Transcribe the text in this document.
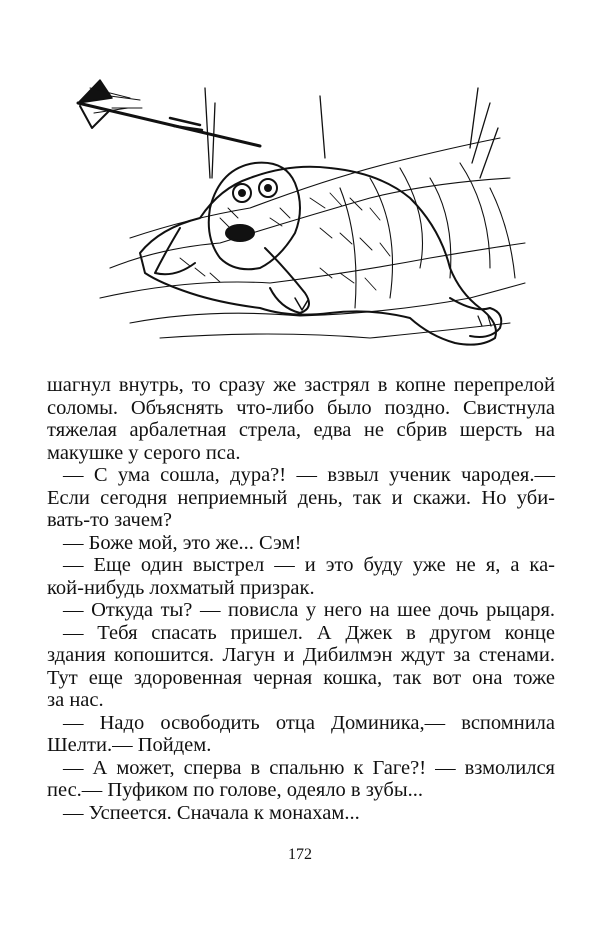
шагнул внутрь, то сразу же застрял в копне перепрелой
соломы. Объяснять что-либо было поздно. Свистнула
тяжелая арбалетная стрела, едва не сбрив шерсть на
макушке у серого пса.
— С ума сошла, дура?! — взвыл ученик чародея.—
Если сегодня неприемный день, так и скажи. Но уби-
вать-то зачем?
— Боже мой, это же... Сэм!
— Еще один выстрел — и это буду уже не я, а ка-
кой-нибудь лохматый призрак.
— Откуда ты? — повисла у него на шее дочь рыцаря.
— Тебя спасать пришел. А Джек в другом конце
здания копошится. Лагун и Дибилмэн ждут за стенами.
Тут еще здоровенная черная кошка, так вот она тоже
за нас.
— Надо освободить отца Доминика,— вспомнила
Шелти.— Пойдем.
— А может, сперва в спальню к Гаге?! — взмолился
пес.— Пуфиком по голове, одеяло в зубы...
— Успеется. Сначала к монахам...
172
